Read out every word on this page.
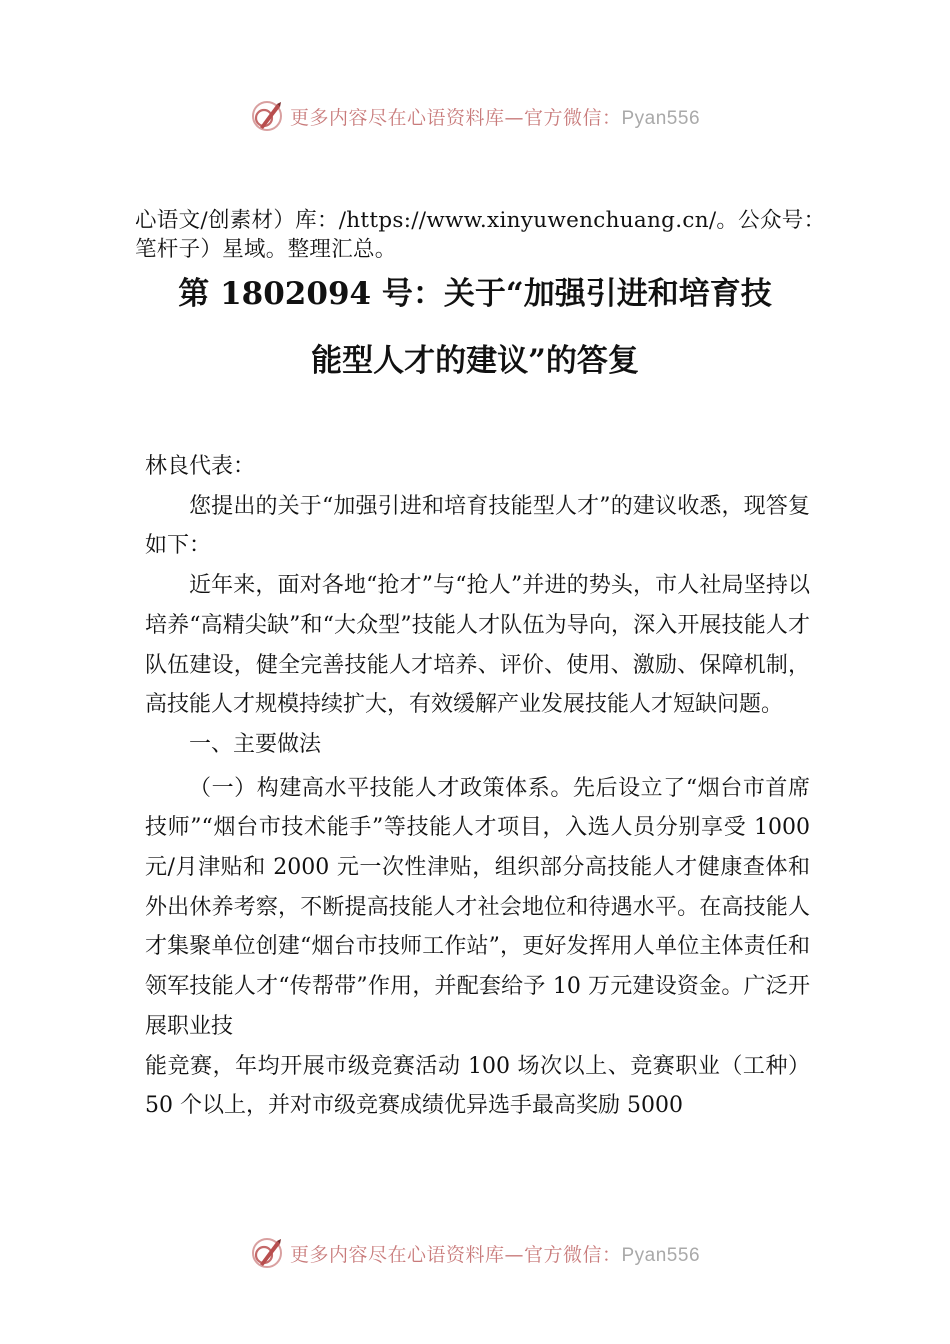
更多内容尽在心语资料库—官方微信：Pyan556
心语文/创素材）库：/https://www.xinyuwenchuang.cn/。公众号：笔杆子）星域。整理汇总。
第 1802094 号：关于“加强引进和培育技
能型人才的建议”的答复

林良代表：

您提出的关于“加强引进和培育技能型人才”的建议收悉，现答复如下：

近年来，面对各地“抢才”与“抢人”并进的势头，市人社局坚持以培养“高精尖缺”和“大众型”技能人才队伍为导向，深入开展技能人才队伍建设，健全完善技能人才培养、评价、使用、激励、保障机制，高技能人才规模持续扩大，有效缓解产业发展技能人才短缺问题。

一、主要做法

（一）构建高水平技能人才政策体系。先后设立了“烟台市首席技师”“烟台市技术能手”等技能人才项目，入选人员分别享受 1000 元/月津贴和 2000 元一次性津贴，组织部分高技能人才健康查体和外出休养考察，不断提高技能人才社会地位和待遇水平。在高技能人才集聚单位创建“烟台市技师工作站”，更好发挥用人单位主体责任和领军技能人才“传帮带”作用，并配套给予 10 万元建设资金。广泛开展职业技

能竞赛，年均开展市级竞赛活动 100 场次以上、竞赛职业（工种）50 个以上，并对市级竞赛成绩优异选手最高奖励 5000

更多内容尽在心语资料库—官方微信：Pyan556
